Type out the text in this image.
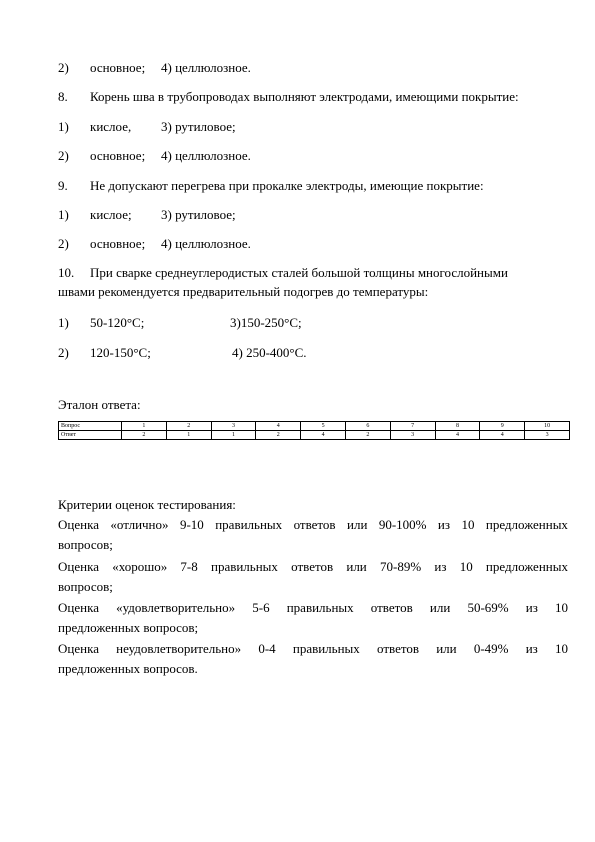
2) основное; 4) целлюлозное.
8. Корень шва в трубопроводах выполняют электродами, имеющими покрытие:
1) кислое, 3) рутиловое;
2) основное; 4) целлюлозное.
9. Не допускают перегрева при прокалке электроды, имеющие покрытие:
1) кислое; 3) рутиловое;
2) основное; 4) целлюлозное.
10. При сварке среднеуглеродистых сталей большой толщины многослойными
швами рекомендуется предварительный подогрев до температуры:
1) 50-120°С;	3)150-250°С;
2) 120-150°С;	4) 250-400°С.
Эталон ответа:
Вопрос	1	2	3	4	5	6	7	8	9	10
Ответ	2	1	1	2	4	2	3	4	4	3
Критерии оценок тестирования:
Оценка «отлично» 9-10 правильных ответов или 90-100% из 10 предложенных
вопросов;
Оценка «хорошо» 7-8 правильных ответов или 70-89% из 10 предложенных
вопросов;
Оценка «удовлетворительно» 5-6 правильных ответов или 50-69% из 10
предложенных вопросов;
Оценка неудовлетворительно» 0-4 правильных ответов или 0-49% из 10
предложенных вопросов.
